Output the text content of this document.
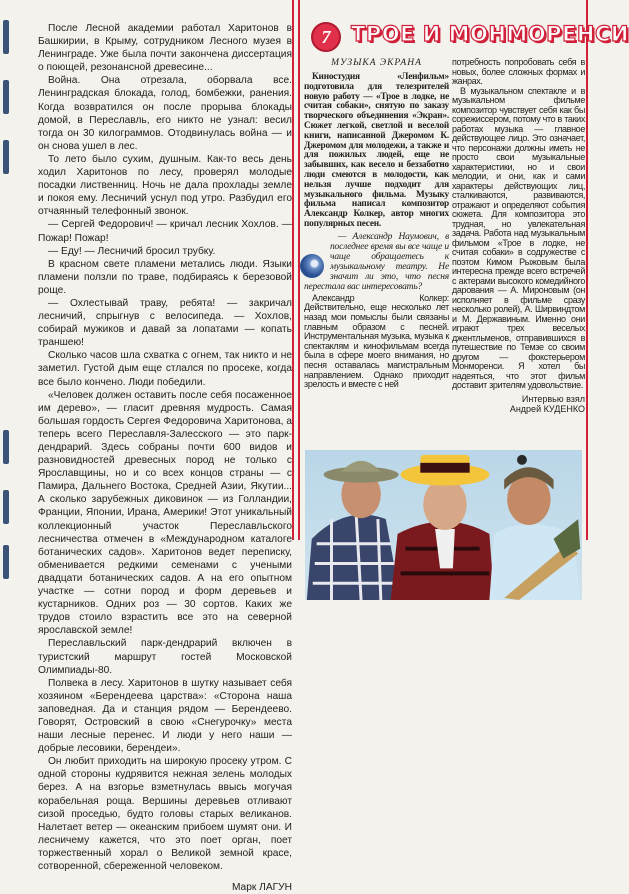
После Лесной академии работал Харитонов в Башкирии, в Крыму, сотрудником Лесного музея в Ленинграде. Уже была почти закончена диссертация о поющей, резонансной древесине...

Война. Она отрезала, оборвала все. Ленинградская блокада, голод, бомбежки, ранения. Когда возвратился он после прорыва блокады домой, в Переславль, его никто не узнал: весил тогда он 30 килограммов. Отодвинулась война — и он снова ушел в лес.

То лето было сухим, душным. Как-то весь день ходил Харитонов по лесу, проверял молодые посадки лиственниц. Ночь не дала прохлады земле и покоя ему. Лесничий уснул под утро. Разбудил его отчаянный телефонный звонок.

— Сергей Федорович! — кричал лесник Хохлов. — Пожар! Пожар!

— Еду! — Лесничий бросил трубку.

В красном свете пламени метались люди. Языки пламени ползли по траве, подбираясь к березовой роще.

— Охлестывай траву, ребята! — закричал лесничий, спрыгнув с велосипеда. — Хохлов, собирай мужиков и давай за лопатами — копать траншею!

Сколько часов шла схватка с огнем, так никто и не заметил. Густой дым еще стлался по просеке, когда все было кончено. Люди победили.

«Человек должен оставить после себя посаженное им дерево», — гласит древняя мудрость. Самая большая гордость Сергея Федоровича Харитонова, а теперь всего Переславля-Залесского — это парк-дендрарий. Здесь собраны почти 600 видов и разновидностей древесных пород не только с Ярославщины, но и со всех концов страны — с Памира, Дальнего Востока, Средней Азии, Якутии... А сколько зарубежных диковинок — из Голландии, Франции, Японии, Ирана, Америки! Этот уникальный коллекционный участок Переславльского лесничества отмечен в «Международном каталоге ботанических садов». Харитонов ведет переписку, обменивается редкими семенами с учеными двадцати ботанических садов. А на его опытном участке — сотни пород и форм деревьев и кустарников. Одних роз — 30 сортов. Каких же трудов стоило взрастить все это на северной ярославской земле!

Переславльский парк-дендрарий включен в туристский маршрут гостей Московской Олимпиады-80.

Полвека в лесу. Харитонов в шутку называет себя хозяином «Берендеева царства»: «Сторона наша заповедная. Да и станция рядом — Берендеево. Говорят, Островский в свою «Снегурочку» места наши лесные перенес. И люди у него наши — добрые лесовики, берендеи».

Он любит приходить на широкую просеку утром. С одной стороны кудрявится нежная зелень молодых берез. А на взгорье взметнулась ввысь могучая корабельная роща. Вершины деревьев отливают сизой проседью, будто головы старых великанов. Налетает ветер — океанским прибоем шумят они. И лесничему кажется, что это поет орган, поет торжественный хорал о Великой земной красе, сотворенной, сбереженной человеком.

Марк ЛАГУН
7 ТРОЕ И МОНМОРЕНСИ
МУЗЫКА ЭКРАНА

Киностудия «Ленфильм» подготовила для телезрителей новую работу — «Трое в лодке, не считая собаки», снятую по заказу творческого объединения «Экран». Сюжет легкой, светлой и веселой книги, написанной Джеромом К. Джеромом для молодежи, а также и для пожилых людей, еще не забывших, как весело и беззаботно люди смеются в молодости, как нельзя лучше подходит для музыкального фильма. Музыку фильма написал композитор Александр Колкер, автор многих популярных песен.

— Александр Наумович, в последнее время вы все чаще и чаще обращаетесь к музыкальному театру. Не значит ли это, что песня перестала вас интересовать?

Александр Колкер: Действительно, еще несколько лет назад мои помыслы были связаны главным образом с песней. Инструментальная музыка, музыка к спектаклям и кинофильмам всегда была в сфере моего внимания, но песня оставалась магистральным направлением. Однако приходит зрелость и вместе с ней

потребность попробовать себя в новых, более сложных формах и жанрах.

В музыкальном спектакле и в музыкальном фильме композитор чувствует себя как бы сорежиссером, потому что в таких работах музыка — главное действующее лицо. Это означает, что персонажи должны иметь не просто свои музыкальные характеристики, но и свои мелодии, и они, как и сами характеры действующих лиц, сталкиваются, развиваются, отражают и определяют события сюжета. Для композитора это трудная, но увлекательная задача. Работа над музыкальным фильмом «Трое в лодке, не считая собаки» в содружестве с поэтом Кимом Рыжовым была интересна прежде всего встречей с актерами высокого комедийного дарования — А. Мироновым (он исполняет в фильме сразу несколько ролей), А. Ширвиндтом и М. Державиным. Именно они играют трех веселых джентльменов, отправившихся в путешествие по Темзе со своим другом — фокстерьером Монморенси. Я хотел бы надеяться, что этот фильм доставит зрителям удовольствие.

Интервью взял
Андрей КУДЕНКО
